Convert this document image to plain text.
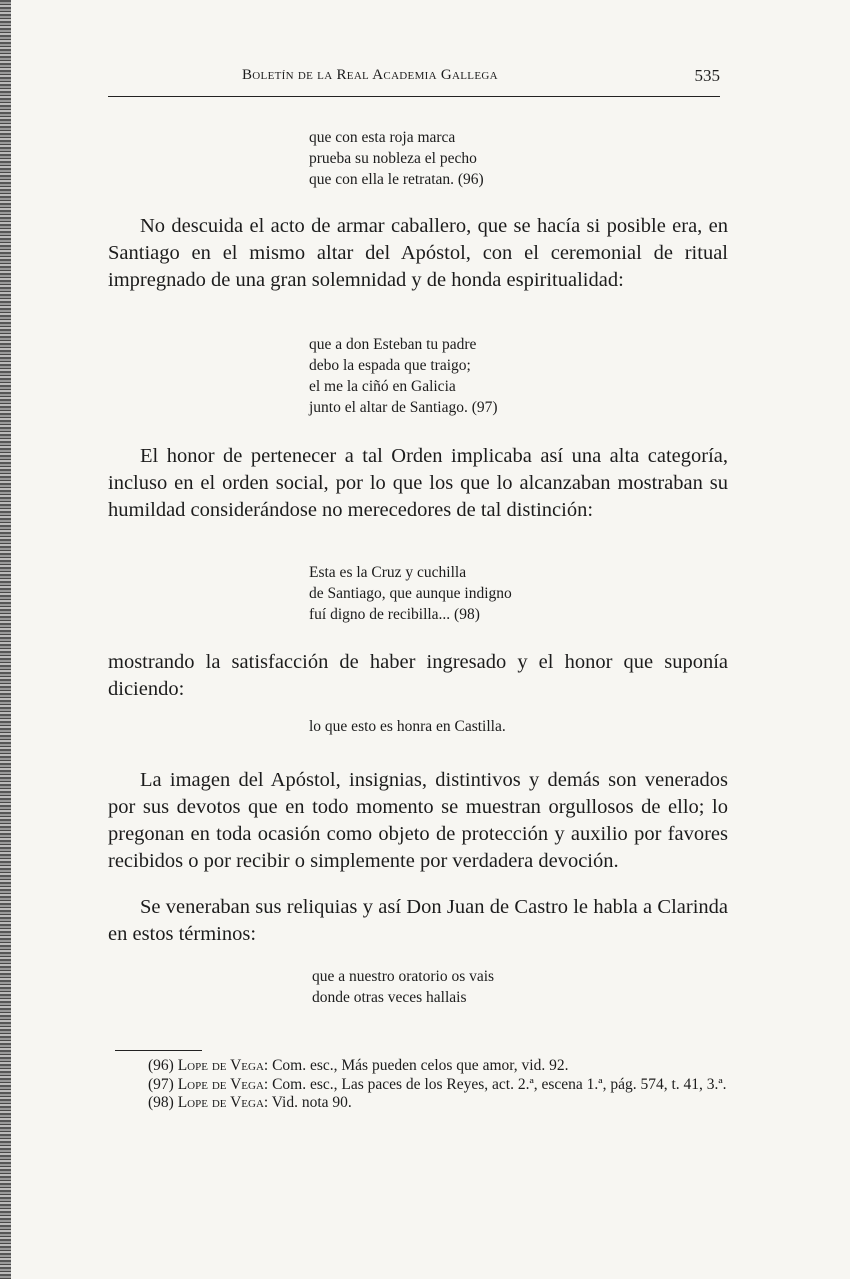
Boletín de la Real Academia Gallega	535
que con esta roja marca
prueba su nobleza el pecho
que con ella le retratan. (96)

No descuida el acto de armar caballero, que se hacía si posible era, en Santiago en el mismo altar del Apóstol, con el ceremonial de ritual impregnado de una gran solemnidad y de honda espiritualidad:

que a don Esteban tu padre
debo la espada que traigo;
el me la ciñó en Galicia
junto el altar de Santiago. (97)

El honor de pertenecer a tal Orden implicaba así una alta categoría, incluso en el orden social, por lo que los que lo alcanzaban mostraban su humildad considerándose no merecedores de tal distinción:

Esta es la Cruz y cuchilla
de Santiago, que aunque indigno
fuí digno de recibilla... (98)

mostrando la satisfacción de haber ingresado y el honor que suponía diciendo:

lo que esto es honra en Castilla.

La imagen del Apóstol, insignias, distintivos y demás son venerados por sus devotos que en todo momento se muestran orgullosos de ello; lo pregonan en toda ocasión como objeto de protección y auxilio por favores recibidos o por recibir o simplemente por verdadera devoción.

Se veneraban sus reliquias y así Don Juan de Castro le habla a Clarinda en estos términos:

que a nuestro oratorio os vais
donde otras veces hallais

(96) Lope de Vega: Com. esc., Más pueden celos que amor, vid. 92.

(97) Lope de Vega: Com. esc., Las paces de los Reyes, act. 2.ª, escena 1.ª, pág. 574, t. 41, 3.ª.

(98) Lope de Vega: Vid. nota 90.
